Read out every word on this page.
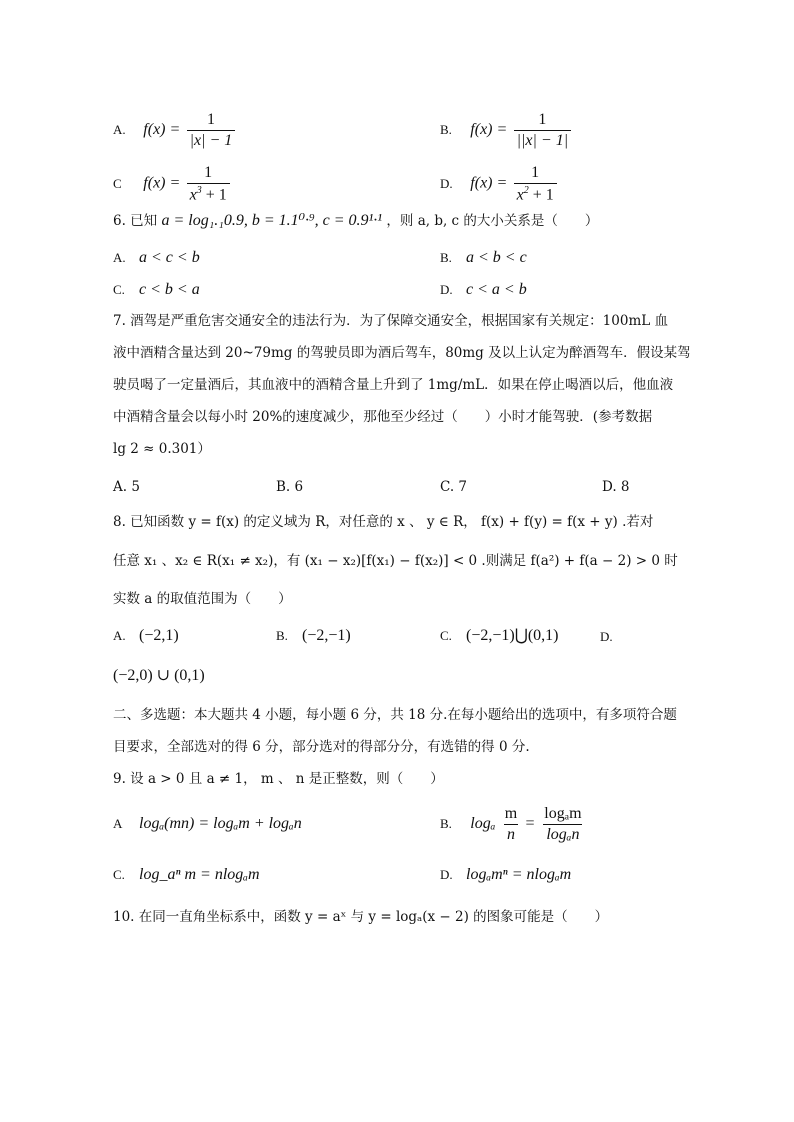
A. $f(x) = \frac{1}{|x| - 1}$	B. $f(x) = \frac{1}{||x| - 1|}$
C $f(x) = \frac{1}{x^3 + 1}$	D. $f(x) = \frac{1}{x^2 + 1}$
6. 已知 a = log₁.₁0.9, b = 1.1⁰·⁹, c = 0.9¹·¹ ，则 a, b, c 的大小关系是（　　）
A. a < c < b	B. a < b < c
C. c < b < a	D. c < a < b
7. 酒驾是严重危害交通安全的违法行为．为了保障交通安全，根据国家有关规定：100mL 血
液中酒精含量达到 20~79mg 的驾驶员即为酒后驾车，80mg 及以上认定为醉酒驾车．假设某驾
驶员喝了一定量酒后，其血液中的酒精含量上升到了 1mg/mL．如果在停止喝酒以后，他血液
中酒精含量会以每小时 20%的速度减少，那他至少经过（　　）小时才能驾驶．(参考数据
lg 2 ≈ 0.301）
A. 5	B. 6	C. 7	D. 8
8. 已知函数 y = f(x) 的定义域为 R，对任意的 x 、 y ∈ R， f(x) + f(y) = f(x + y) .若对
任意 x₁ 、x₂ ∈ R(x₁ ≠ x₂)，有 (x₁ − x₂)[f(x₁) − f(x₂)] < 0 .则满足 f(a²) + f(a − 2) > 0 时
实数 a 的取值范围为（　　）
A. (−2,1)	B. (−2,−1)	C. (−2,−1)⋃(0,1)	D.
(−2,0) ∪ (0,1)
二、多选题：本大题共 4 小题，每小题 6 分，共 18 分.在每小题给出的选项中，有多项符合题
目要求，全部选对的得 6 分，部分选对的得部分分，有选错的得 0 分.
9. 设 a > 0 且 a ≠ 1， m 、 n 是正整数，则（　　）
A logₐ(mn) = logₐm + logₐn	B. logₐ $\frac{m}{n} = \frac{\text{logₐm}}{\text{logₐn}}$
C. log_aⁿ m = nlogₐm	D. logₐmⁿ = nlogₐm
10. 在同一直角坐标系中，函数 y = aˣ 与 y = logₐ(x − 2) 的图象可能是（　　）
